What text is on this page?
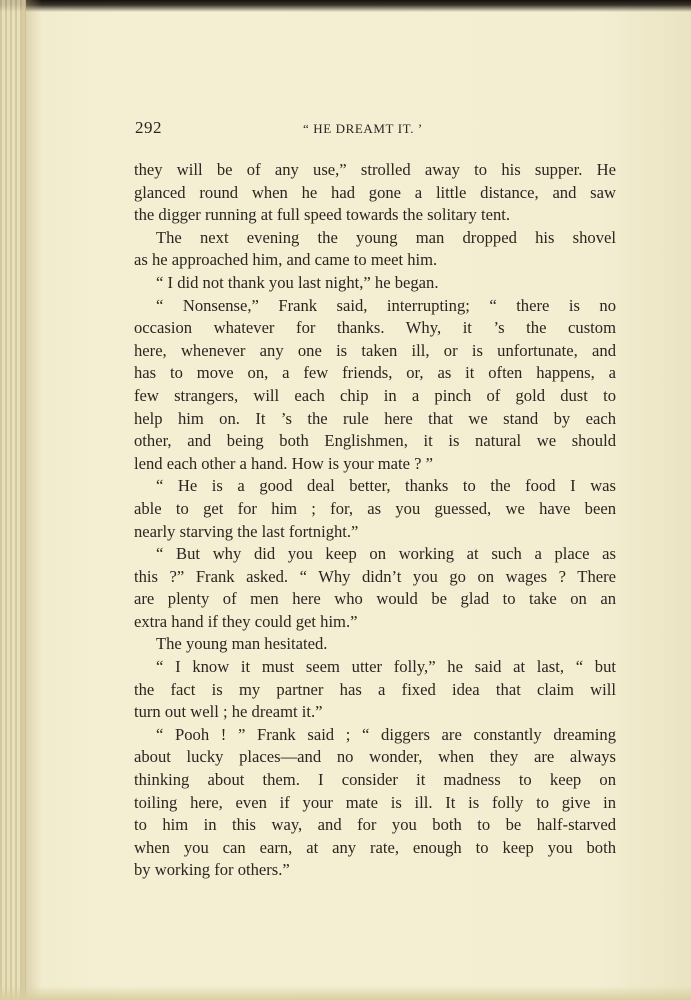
292	“ HE DREAMT IT. ’
they will be of any use,” strolled away to his supper. He
glanced round when he had gone a little distance, and saw
the digger running at full speed towards the solitary tent.
The next evening the young man dropped his shovel
as he approached him, and came to meet him.
“ I did not thank you last night,” he began.
“ Nonsense,” Frank said, interrupting; “ there is no
occasion whatever for thanks. Why, it ’s the custom
here, whenever any one is taken ill, or is unfortunate, and
has to move on, a few friends, or, as it often happens, a
few strangers, will each chip in a pinch of gold dust to
help him on. It ’s the rule here that we stand by each
other, and being both Englishmen, it is natural we should
lend each other a hand. How is your mate ? ”
“ He is a good deal better, thanks to the food I was
able to get for him ; for, as you guessed, we have been
nearly starving the last fortnight.”
“ But why did you keep on working at such a place as
this ?” Frank asked. “ Why didn’t you go on wages ? There
are plenty of men here who would be glad to take on an
extra hand if they could get him.”
The young man hesitated.
“ I know it must seem utter folly,” he said at last, “ but
the fact is my partner has a fixed idea that claim will
turn out well ; he dreamt it.”
“ Pooh ! ” Frank said ; “ diggers are constantly dreaming
about lucky places—and no wonder, when they are always
thinking about them. I consider it madness to keep on
toiling here, even if your mate is ill. It is folly to give in
to him in this way, and for you both to be half-starved
when you can earn, at any rate, enough to keep you both
by working for others.”
